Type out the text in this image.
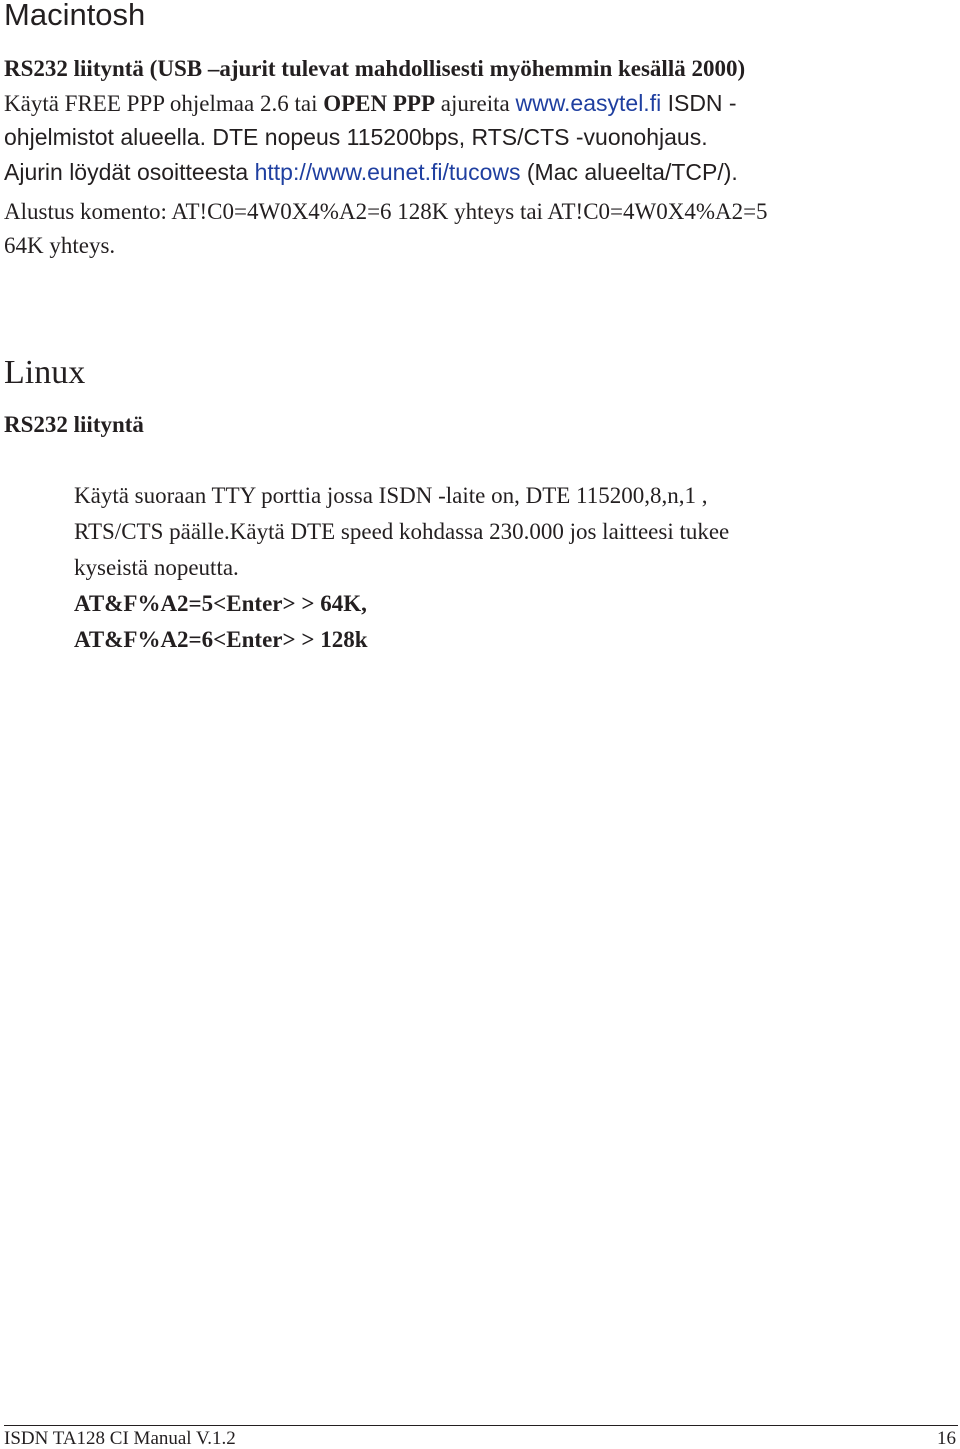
Macintosh

RS232 liityntä (USB –ajurit tulevat mahdollisesti myöhemmin kesällä 2000)

Käytä FREE PPP ohjelmaa 2.6 tai OPEN PPP ajureita www.easytel.fi ISDN -

ohjelmistot alueella. DTE nopeus 115200bps, RTS/CTS -vuonohjaus.

Ajurin löydät osoitteesta http://www.eunet.fi/tucows (Mac alueelta/TCP/).

Alustus komento: AT!C0=4W0X4%A2=6 128K yhteys tai AT!C0=4W0X4%A2=5

64K yhteys.

Linux

RS232 liityntä

Käytä suoraan TTY porttia jossa ISDN -laite on, DTE 115200,8,n,1 ,

RTS/CTS päälle.Käytä DTE speed kohdassa 230.000 jos laitteesi tukee

kyseistä nopeutta.

AT&F%A2=5<Enter> > 64K,

AT&F%A2=6<Enter> > 128k

ISDN TA128 CI Manual V.1.2	16
